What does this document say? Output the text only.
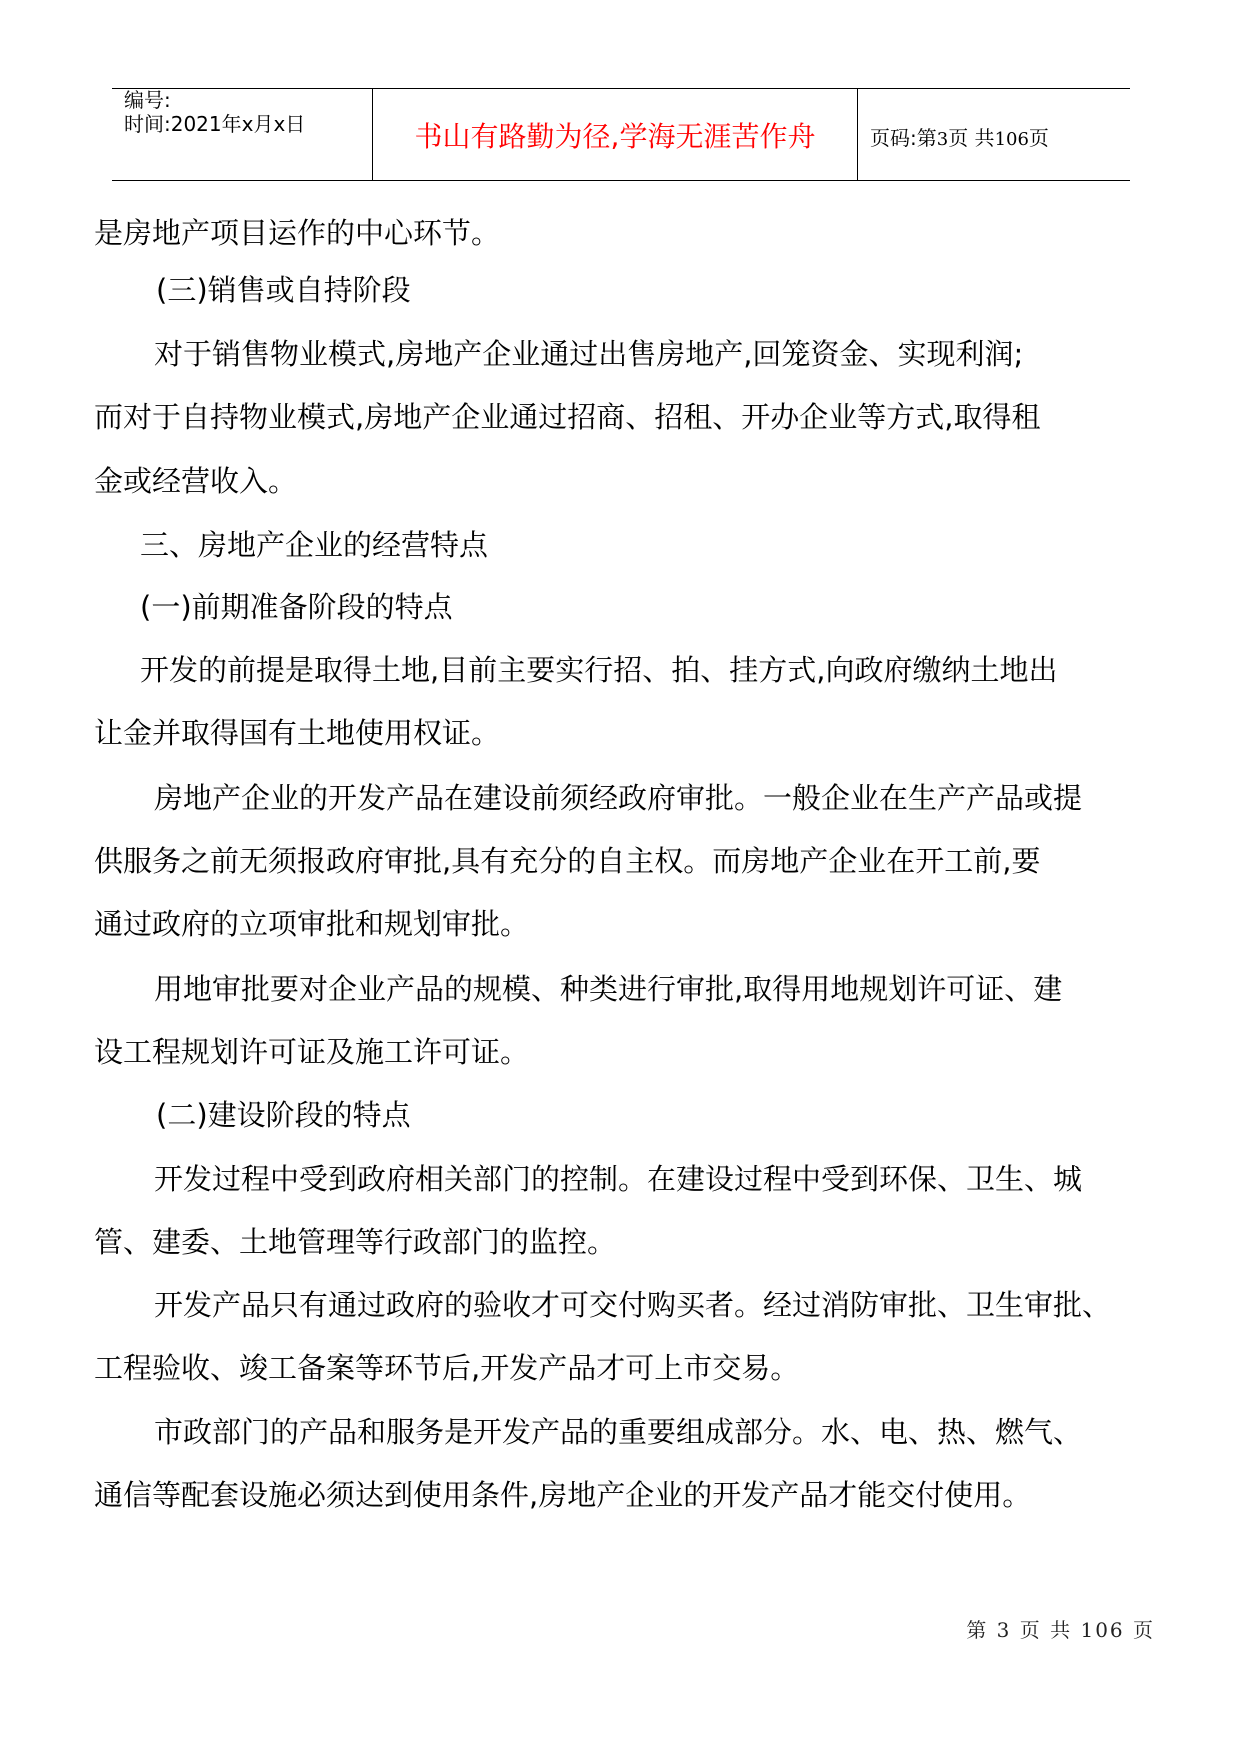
编号:
时间:2021年x月x日	书山有路勤为径,学海无涯苦作舟	页码:第3页 共106页
是房地产项目运作的中心环节。
(三)销售或自持阶段
对于销售物业模式,房地产企业通过出售房地产,回笼资金、实现利润;
而对于自持物业模式,房地产企业通过招商、招租、开办企业等方式,取得租
金或经营收入。
三、房地产企业的经营特点
(一)前期准备阶段的特点
开发的前提是取得土地,目前主要实行招、拍、挂方式,向政府缴纳土地出
让金并取得国有土地使用权证。
房地产企业的开发产品在建设前须经政府审批。一般企业在生产产品或提
供服务之前无须报政府审批,具有充分的自主权。而房地产企业在开工前,要
通过政府的立项审批和规划审批。
用地审批要对企业产品的规模、种类进行审批,取得用地规划许可证、建
设工程规划许可证及施工许可证。
(二)建设阶段的特点
开发过程中受到政府相关部门的控制。在建设过程中受到环保、卫生、城
管、建委、土地管理等行政部门的监控。
开发产品只有通过政府的验收才可交付购买者。经过消防审批、卫生审批、
工程验收、竣工备案等环节后,开发产品才可上市交易。
市政部门的产品和服务是开发产品的重要组成部分。水、电、热、燃气、
通信等配套设施必须达到使用条件,房地产企业的开发产品才能交付使用。
第 3 页 共 106 页
